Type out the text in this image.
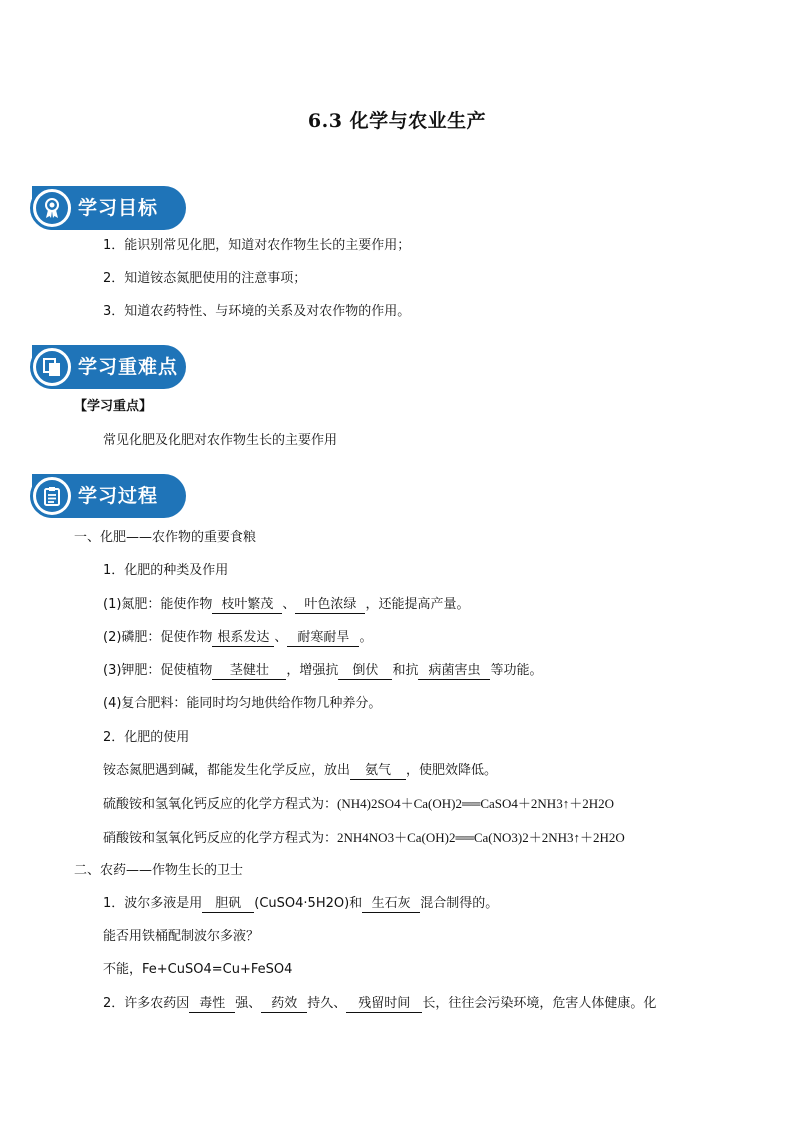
6.3 化学与农业生产
学习目标
1．能识别常见化肥，知道对农作物生长的主要作用；
2．知道铵态氮肥使用的注意事项；
3．知道农药特性、与环境的关系及对农作物的作用。
学习重难点
【学习重点】
常见化肥及化肥对农作物生长的主要作用
学习过程
一、化肥——农作物的重要食粮
1．化肥的种类及作用
(1)氮肥：能使作物 枝叶繁茂 、 叶色浓绿 ，还能提高产量。
(2)磷肥：促使作物 根系发达 、 耐寒耐旱 。
(3)钾肥：促使植物 茎健壮 ，增强抗 倒伏 和抗 病菌害虫 等功能。
(4)复合肥料：能同时均匀地供给作物几种养分。
2．化肥的使用
铵态氮肥遇到碱，都能发生化学反应，放出 氨气 ，使肥效降低。
硫酸铵和氢氧化钙反应的化学方程式为：(NH4)2SO4＋Ca(OH)2══CaSO4＋2NH3↑＋2H2O
硝酸铵和氢氧化钙反应的化学方程式为：2NH4NO3＋Ca(OH)2══Ca(NO3)2＋2NH3↑＋2H2O
二、农药——作物生长的卫士
1．波尔多液是用 胆矾 (CuSO4·5H2O)和 生石灰 混合制得的。
能否用铁桶配制波尔多液？
不能，Fe+CuSO4=Cu+FeSO4
2．许多农药因 毒性 强、 药效 持久、 残留时间 长，往往会污染环境，危害人体健康。化
